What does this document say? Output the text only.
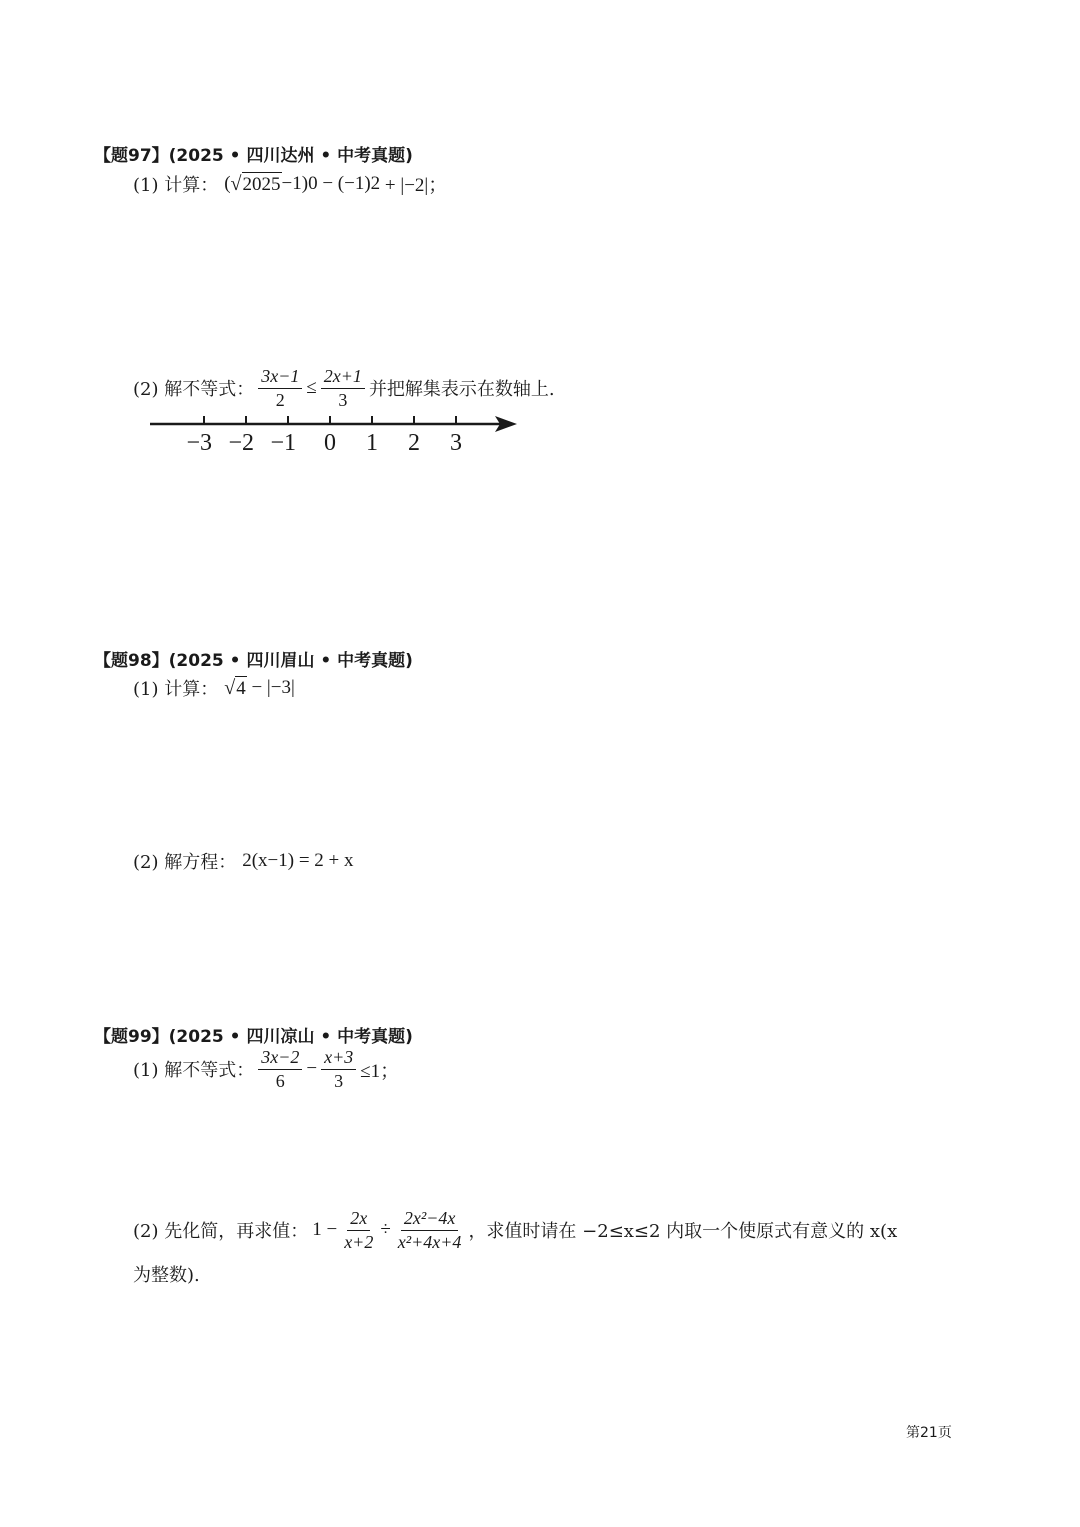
【题97】(2025 • 四川达州 • 中考真题)
(1) 计算： ( √ 2025 −1) 0 − (−1) 2 + |−2|；
(2) 解不等式： $\frac{3x-1}{2} \le \frac{2x+1}{3}$ 并把解集表示在数轴上.
−3 −2 −1 0 1 2 3
【题98】(2025 • 四川眉山 • 中考真题)
(1) 计算： √ 4 − |−3|
(2) 解方程： 2(x−1) = 2 + x
【题99】(2025 • 四川凉山 • 中考真题)
(1) 解不等式： $\frac{3x-2}{6} - \frac{x+3}{3} \le 1$；
(2) 先化简，再求值： $1 - \frac{2x}{x+2} \div \frac{\text{2x²−4x}}{\text{x²+4x+4}}$ ，求值时请在 −2≤x≤2 内取一个使原式有意义的 x(x
为整数).
第21页
